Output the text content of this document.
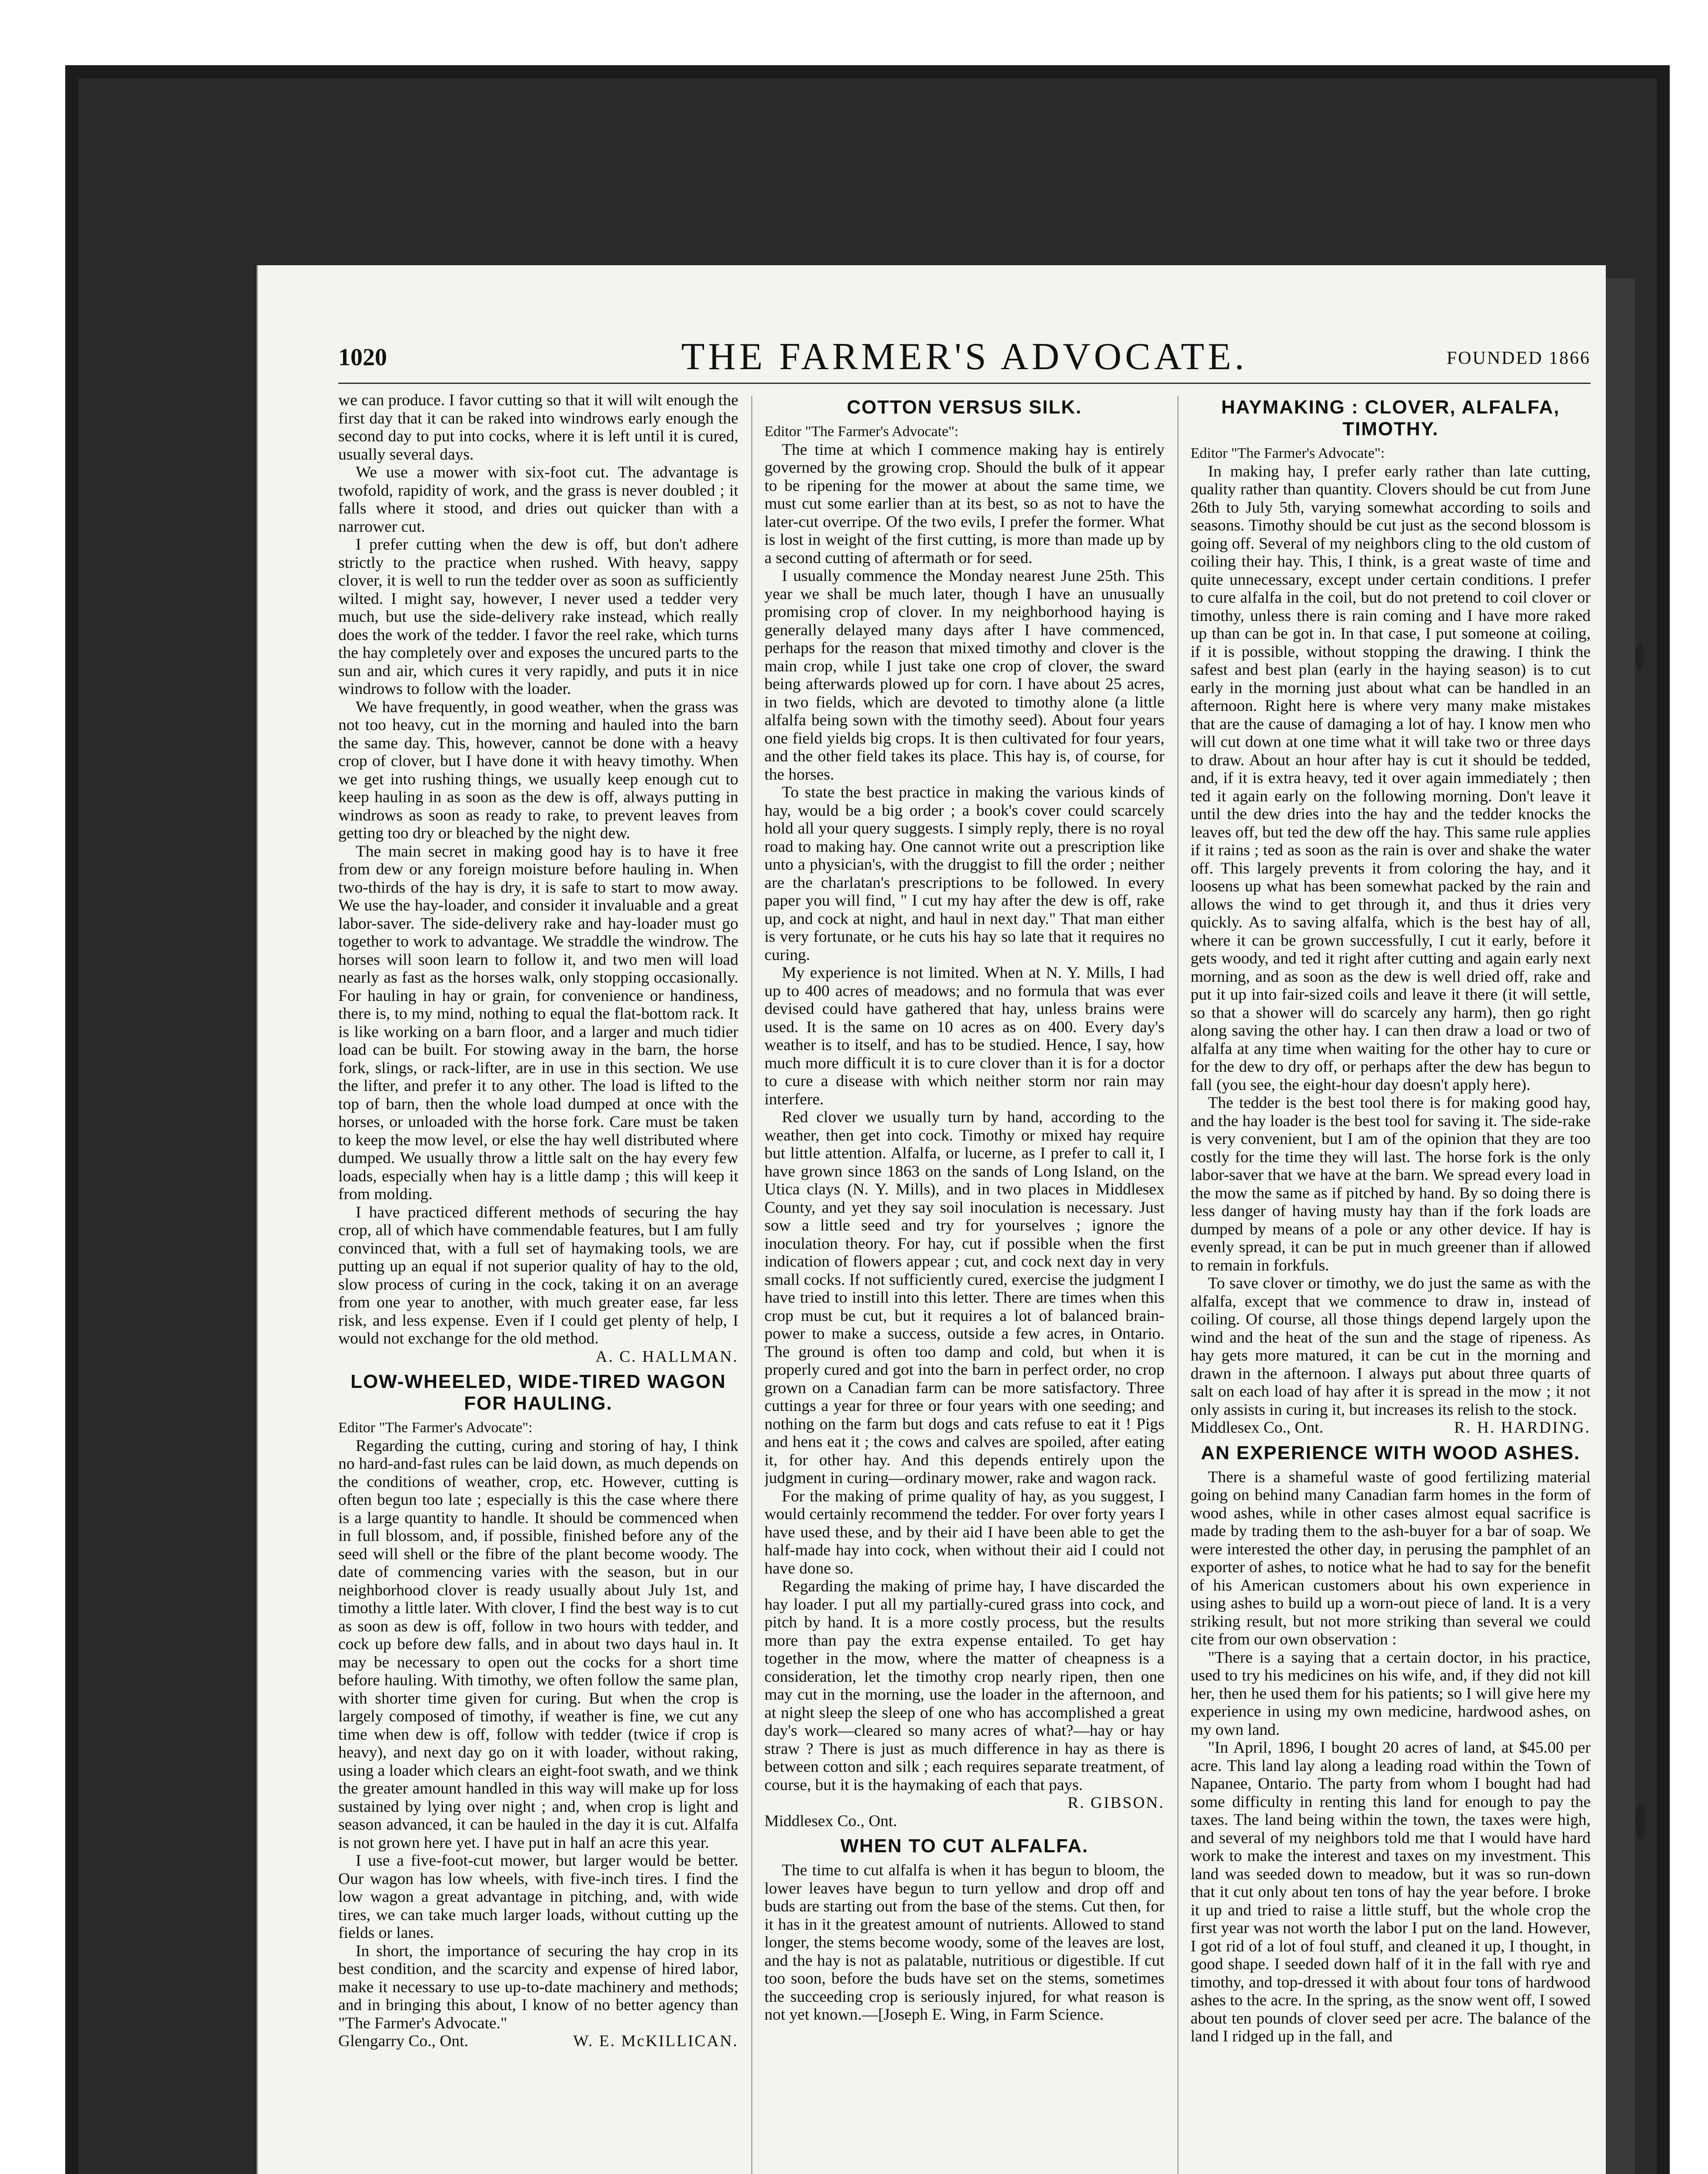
1020	THE FARMER'S ADVOCATE.	FOUNDED 1866

we can produce. I favor cutting so that it will wilt enough the first day that it can be raked into windrows early enough the second day to put into cocks, where it is left until it is cured, usually several days.

We use a mower with six-foot cut. The advantage is twofold, rapidity of work, and the grass is never doubled ; it falls where it stood, and dries out quicker than with a narrower cut.

I prefer cutting when the dew is off, but don't adhere strictly to the practice when rushed. With heavy, sappy clover, it is well to run the tedder over as soon as sufficiently wilted. I might say, however, I never used a tedder very much, but use the side-delivery rake instead, which really does the work of the tedder. I favor the reel rake, which turns the hay completely over and exposes the uncured parts to the sun and air, which cures it very rapidly, and puts it in nice windrows to follow with the loader.

We have frequently, in good weather, when the grass was not too heavy, cut in the morning and hauled into the barn the same day. This, however, cannot be done with a heavy crop of clover, but I have done it with heavy timothy. When we get into rushing things, we usually keep enough cut to keep hauling in as soon as the dew is off, always putting in windrows as soon as ready to rake, to prevent leaves from getting too dry or bleached by the night dew.

The main secret in making good hay is to have it free from dew or any foreign moisture before hauling in. When two-thirds of the hay is dry, it is safe to start to mow away. We use the hay-loader, and consider it invaluable and a great labor-saver. The side-delivery rake and hay-loader must go together to work to advantage. We straddle the windrow. The horses will soon learn to follow it, and two men will load nearly as fast as the horses walk, only stopping occasionally. For hauling in hay or grain, for convenience or handiness, there is, to my mind, nothing to equal the flat-bottom rack. It is like working on a barn floor, and a larger and much tidier load can be built. For stowing away in the barn, the horse fork, slings, or rack-lifter, are in use in this section. We use the lifter, and prefer it to any other. The load is lifted to the top of barn, then the whole load dumped at once with the horses, or unloaded with the horse fork. Care must be taken to keep the mow level, or else the hay well distributed where dumped. We usually throw a little salt on the hay every few loads, especially when hay is a little damp ; this will keep it from molding.

I have practiced different methods of securing the hay crop, all of which have commendable features, but I am fully convinced that, with a full set of haymaking tools, we are putting up an equal if not superior quality of hay to the old, slow process of curing in the cock, taking it on an average from one year to another, with much greater ease, far less risk, and less expense. Even if I could get plenty of help, I would not exchange for the old method.

A. C. HALLMAN.

LOW-WHEELED, WIDE-TIRED WAGON FOR HAULING.

Editor "The Farmer's Advocate":

Regarding the cutting, curing and storing of hay, I think no hard-and-fast rules can be laid down, as much depends on the conditions of weather, crop, etc. However, cutting is often begun too late ; especially is this the case where there is a large quantity to handle. It should be commenced when in full blossom, and, if possible, finished before any of the seed will shell or the fibre of the plant become woody. The date of commencing varies with the season, but in our neighborhood clover is ready usually about July 1st, and timothy a little later. With clover, I find the best way is to cut as soon as dew is off, follow in two hours with tedder, and cock up before dew falls, and in about two days haul in. It may be necessary to open out the cocks for a short time before hauling. With timothy, we often follow the same plan, with shorter time given for curing. But when the crop is largely composed of timothy, if weather is fine, we cut any time when dew is off, follow with tedder (twice if crop is heavy), and next day go on it with loader, without raking, using a loader which clears an eight-foot swath, and we think the greater amount handled in this way will make up for loss sustained by lying over night ; and, when crop is light and season advanced, it can be hauled in the day it is cut. Alfalfa is not grown here yet. I have put in half an acre this year.

I use a five-foot-cut mower, but larger would be better. Our wagon has low wheels, with five-inch tires. I find the low wagon a great advantage in pitching, and, with wide tires, we can take much larger loads, without cutting up the fields or lanes.

In short, the importance of securing the hay crop in its best condition, and the scarcity and expense of hired labor, make it necessary to use up-to-date machinery and methods; and in bringing this about, I know of no better agency than "The Farmer's Advocate."

Glengarry Co., Ont.	W. E. McKILLICAN.

COTTON VERSUS SILK.

Editor "The Farmer's Advocate":

The time at which I commence making hay is entirely governed by the growing crop. Should the bulk of it appear to be ripening for the mower at about the same time, we must cut some earlier than at its best, so as not to have the later-cut overripe. Of the two evils, I prefer the former. What is lost in weight of the first cutting, is more than made up by a second cutting of aftermath or for seed.

I usually commence the Monday nearest June 25th. This year we shall be much later, though I have an unusually promising crop of clover. In my neighborhood haying is generally delayed many days after I have commenced, perhaps for the reason that mixed timothy and clover is the main crop, while I just take one crop of clover, the sward being afterwards plowed up for corn. I have about 25 acres, in two fields, which are devoted to timothy alone (a little alfalfa being sown with the timothy seed). About four years one field yields big crops. It is then cultivated for four years, and the other field takes its place. This hay is, of course, for the horses.

To state the best practice in making the various kinds of hay, would be a big order ; a book's cover could scarcely hold all your query suggests. I simply reply, there is no royal road to making hay. One cannot write out a prescription like unto a physician's, with the druggist to fill the order ; neither are the charlatan's prescriptions to be followed. In every paper you will find, " I cut my hay after the dew is off, rake up, and cock at night, and haul in next day." That man either is very fortunate, or he cuts his hay so late that it requires no curing.

My experience is not limited. When at N. Y. Mills, I had up to 400 acres of meadows; and no formula that was ever devised could have gathered that hay, unless brains were used. It is the same on 10 acres as on 400. Every day's weather is to itself, and has to be studied. Hence, I say, how much more difficult it is to cure clover than it is for a doctor to cure a disease with which neither storm nor rain may interfere.

Red clover we usually turn by hand, according to the weather, then get into cock. Timothy or mixed hay require but little attention. Alfalfa, or lucerne, as I prefer to call it, I have grown since 1863 on the sands of Long Island, on the Utica clays (N. Y. Mills), and in two places in Middlesex County, and yet they say soil inoculation is necessary. Just sow a little seed and try for yourselves ; ignore the inoculation theory. For hay, cut if possible when the first indication of flowers appear ; cut, and cock next day in very small cocks. If not sufficiently cured, exercise the judgment I have tried to instill into this letter. There are times when this crop must be cut, but it requires a lot of balanced brain-power to make a success, outside a few acres, in Ontario. The ground is often too damp and cold, but when it is properly cured and got into the barn in perfect order, no crop grown on a Canadian farm can be more satisfactory. Three cuttings a year for three or four years with one seeding; and nothing on the farm but dogs and cats refuse to eat it ! Pigs and hens eat it ; the cows and calves are spoiled, after eating it, for other hay. And this depends entirely upon the judgment in curing—ordinary mower, rake and wagon rack.

For the making of prime quality of hay, as you suggest, I would certainly recommend the tedder. For over forty years I have used these, and by their aid I have been able to get the half-made hay into cock, when without their aid I could not have done so.

Regarding the making of prime hay, I have discarded the hay loader. I put all my partially-cured grass into cock, and pitch by hand. It is a more costly process, but the results more than pay the extra expense entailed. To get hay together in the mow, where the matter of cheapness is a consideration, let the timothy crop nearly ripen, then one may cut in the morning, use the loader in the afternoon, and at night sleep the sleep of one who has accomplished a great day's work—cleared so many acres of what?—hay or hay straw ? There is just as much difference in hay as there is between cotton and silk ; each requires separate treatment, of course, but it is the haymaking of each that pays.

R. GIBSON.

Middlesex Co., Ont.

WHEN TO CUT ALFALFA.

The time to cut alfalfa is when it has begun to bloom, the lower leaves have begun to turn yellow and drop off and buds are starting out from the base of the stems. Cut then, for it has in it the greatest amount of nutrients. Allowed to stand longer, the stems become woody, some of the leaves are lost, and the hay is not as palatable, nutritious or digestible. If cut too soon, before the buds have set on the stems, sometimes the succeeding crop is seriously injured, for what reason is not yet known.—[Joseph E. Wing, in Farm Science.

HAYMAKING : CLOVER, ALFALFA, TIMOTHY.

Editor "The Farmer's Advocate":

In making hay, I prefer early rather than late cutting, quality rather than quantity. Clovers should be cut from June 26th to July 5th, varying somewhat according to soils and seasons. Timothy should be cut just as the second blossom is going off. Several of my neighbors cling to the old custom of coiling their hay. This, I think, is a great waste of time and quite unnecessary, except under certain conditions. I prefer to cure alfalfa in the coil, but do not pretend to coil clover or timothy, unless there is rain coming and I have more raked up than can be got in. In that case, I put someone at coiling, if it is possible, without stopping the drawing. I think the safest and best plan (early in the haying season) is to cut early in the morning just about what can be handled in an afternoon. Right here is where very many make mistakes that are the cause of damaging a lot of hay. I know men who will cut down at one time what it will take two or three days to draw. About an hour after hay is cut it should be tedded, and, if it is extra heavy, ted it over again immediately ; then ted it again early on the following morning. Don't leave it until the dew dries into the hay and the tedder knocks the leaves off, but ted the dew off the hay. This same rule applies if it rains ; ted as soon as the rain is over and shake the water off. This largely prevents it from coloring the hay, and it loosens up what has been somewhat packed by the rain and allows the wind to get through it, and thus it dries very quickly. As to saving alfalfa, which is the best hay of all, where it can be grown successfully, I cut it early, before it gets woody, and ted it right after cutting and again early next morning, and as soon as the dew is well dried off, rake and put it up into fair-sized coils and leave it there (it will settle, so that a shower will do scarcely any harm), then go right along saving the other hay. I can then draw a load or two of alfalfa at any time when waiting for the other hay to cure or for the dew to dry off, or perhaps after the dew has begun to fall (you see, the eight-hour day doesn't apply here).

The tedder is the best tool there is for making good hay, and the hay loader is the best tool for saving it. The side-rake is very convenient, but I am of the opinion that they are too costly for the time they will last. The horse fork is the only labor-saver that we have at the barn. We spread every load in the mow the same as if pitched by hand. By so doing there is less danger of having musty hay than if the fork loads are dumped by means of a pole or any other device. If hay is evenly spread, it can be put in much greener than if allowed to remain in forkfuls.

To save clover or timothy, we do just the same as with the alfalfa, except that we commence to draw in, instead of coiling. Of course, all those things depend largely upon the wind and the heat of the sun and the stage of ripeness. As hay gets more matured, it can be cut in the morning and drawn in the afternoon. I always put about three quarts of salt on each load of hay after it is spread in the mow ; it not only assists in curing it, but increases its relish to the stock.

Middlesex Co., Ont.	R. H. HARDING.

AN EXPERIENCE WITH WOOD ASHES.

There is a shameful waste of good fertilizing material going on behind many Canadian farm homes in the form of wood ashes, while in other cases almost equal sacrifice is made by trading them to the ash-buyer for a bar of soap. We were interested the other day, in perusing the pamphlet of an exporter of ashes, to notice what he had to say for the benefit of his American customers about his own experience in using ashes to build up a worn-out piece of land. It is a very striking result, but not more striking than several we could cite from our own observation :

"There is a saying that a certain doctor, in his practice, used to try his medicines on his wife, and, if they did not kill her, then he used them for his patients; so I will give here my experience in using my own medicine, hardwood ashes, on my own land.

"In April, 1896, I bought 20 acres of land, at $45.00 per acre. This land lay along a leading road within the Town of Napanee, Ontario. The party from whom I bought had had some difficulty in renting this land for enough to pay the taxes. The land being within the town, the taxes were high, and several of my neighbors told me that I would have hard work to make the interest and taxes on my investment. This land was seeded down to meadow, but it was so run-down that it cut only about ten tons of hay the year before. I broke it up and tried to raise a little stuff, but the whole crop the first year was not worth the labor I put on the land. However, I got rid of a lot of foul stuff, and cleaned it up, I thought, in good shape. I seeded down half of it in the fall with rye and timothy, and top-dressed it with about four tons of hardwood ashes to the acre. In the spring, as the snow went off, I sowed about ten pounds of clover seed per acre. The balance of the land I ridged up in the fall, and
